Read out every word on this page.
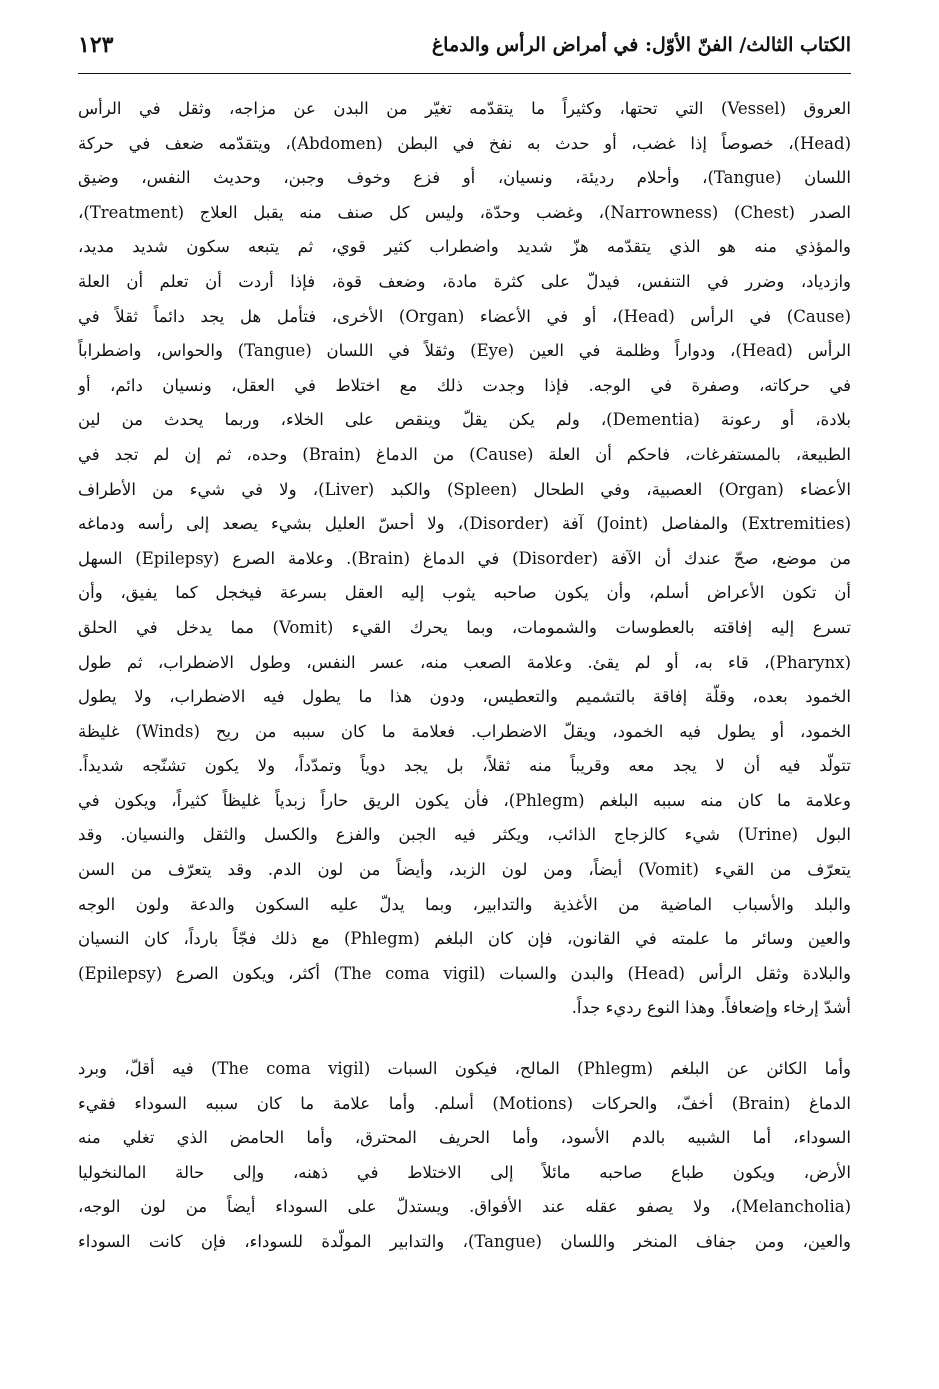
الكتاب الثالث/ الفنّ الأوّل: في أمراض الرأس والدماغ
١٢٣
العروق (Vessel) التي تحتها، وكثيراً ما يتقدّمه تغيّر من البدن عن مزاجه، وثقل في الرأس
(Head)، خصوصاً إذا غضب، أو حدث به نفخ في البطن (Abdomen)، ويتقدّمه ضعف في حركة
اللسان (Tangue)، وأحلام رديئة، ونسيان، أو فزع وخوف وجبن، وحديث النفس، وضيق
الصدر (Chest) (Narrowness)، وغضب وحدّة، وليس كل صنف منه يقبل العلاج (Treatment)،
والمؤذي منه هو الذي يتقدّمه هزّ شديد واضطراب كثير قوي، ثم يتبعه سكون شديد مديد،
وازدياد، وضرر في التنفس، فيدلّ على كثرة مادة، وضعف قوة، فإذا أردت أن تعلم أن العلة
(Cause) في الرأس (Head)، أو في الأعضاء (Organ) الأخرى، فتأمل هل يجد دائماً ثقلاً في
الرأس (Head)، ودواراً وظلمة في العين (Eye) وثقلاً في اللسان (Tangue) والحواس، واضطراباً
في حركاته، وصفرة في الوجه. فإذا وجدت ذلك مع اختلاط في العقل، ونسيان دائم، أو
بلادة، أو رعونة (Dementia)، ولم يكن يقلّ وينقص على الخلاء، وربما يحدث من لين
الطبيعة، بالمستفرغات، فاحكم أن العلة (Cause) من الدماغ (Brain) وحده، ثم إن لم تجد في
الأعضاء (Organ) العصبية، وفي الطحال (Spleen) والكبد (Liver)، ولا في شيء من الأطراف
(Extremities) والمفاصل (Joint) آفة (Disorder)، ولا أحسّ العليل بشيء يصعد إلى رأسه ودماغه
من موضع، صحّ عندك أن الآفة (Disorder) في الدماغ (Brain). وعلامة الصرع (Epilepsy) السهل
أن تكون الأعراض أسلم، وأن يكون صاحبه يثوب إليه العقل بسرعة فيخجل كما يفيق، وأن
تسرع إليه إفاقته بالعطوسات والشمومات، وبما يحرك القيء (Vomit) مما يدخل في الحلق
(Pharynx)، قاء به، أو لم يقئ. وعلامة الصعب منه، عسر النفس، وطول الاضطراب، ثم طول
الخمود بعده، وقلّة إفاقة بالتشميم والتعطيس، ودون هذا ما يطول فيه الاضطراب، ولا يطول
الخمود، أو يطول فيه الخمود، ويقلّ الاضطراب. فعلامة ما كان سببه من ريح (Winds) غليظة
تتولّد فيه أن لا يجد معه وقريباً منه ثقلاً، بل يجد دوياً وتمدّداً، ولا يكون تشنّجه شديداً.
وعلامة ما كان منه سببه البلغم (Phlegm)، فأن يكون الريق حاراً زبدياً غليظاً كثيراً، ويكون في
البول (Urine) شيء كالزجاج الذائب، ويكثر فيه الجبن والفزع والكسل والثقل والنسيان. وقد
يتعرّف من القيء (Vomit) أيضاً، ومن لون الزبد، وأيضاً من لون الدم. وقد يتعرّف من السن
والبلد والأسباب الماضية من الأغذية والتدابير، وبما يدلّ عليه السكون والدعة ولون الوجه
والعين وسائر ما علمته في القانون، فإن كان البلغم (Phlegm) مع ذلك فجّاً بارداً، كان النسيان
والبلادة وثقل الرأس (Head) والبدن والسبات (The coma vigil) أكثر، ويكون الصرع (Epilepsy)
أشدّ إرخاء وإضعافاً. وهذا النوع رديء جداً.
وأما الكائن عن البلغم (Phlegm) المالح، فيكون السبات (The coma vigil) فيه أقلّ، وبرد
الدماغ (Brain) أخفّ، والحركات (Motions) أسلم. وأما علامة ما كان سببه السوداء فقيء
السوداء، أما الشبيه بالدم الأسود، وأما الحريف المحترق، وأما الحامض الذي تغلي منه
الأرض، ويكون طباع صاحبه مائلاً إلى الاختلاط في ذهنه، وإلى حالة المالنخوليا
(Melancholia)، ولا يصفو عقله عند الأفواق. ويستدلّ على السوداء أيضاً من لون الوجه،
والعين، ومن جفاف المنخر واللسان (Tangue)، والتدابير المولّدة للسوداء، فإن كانت السوداء
